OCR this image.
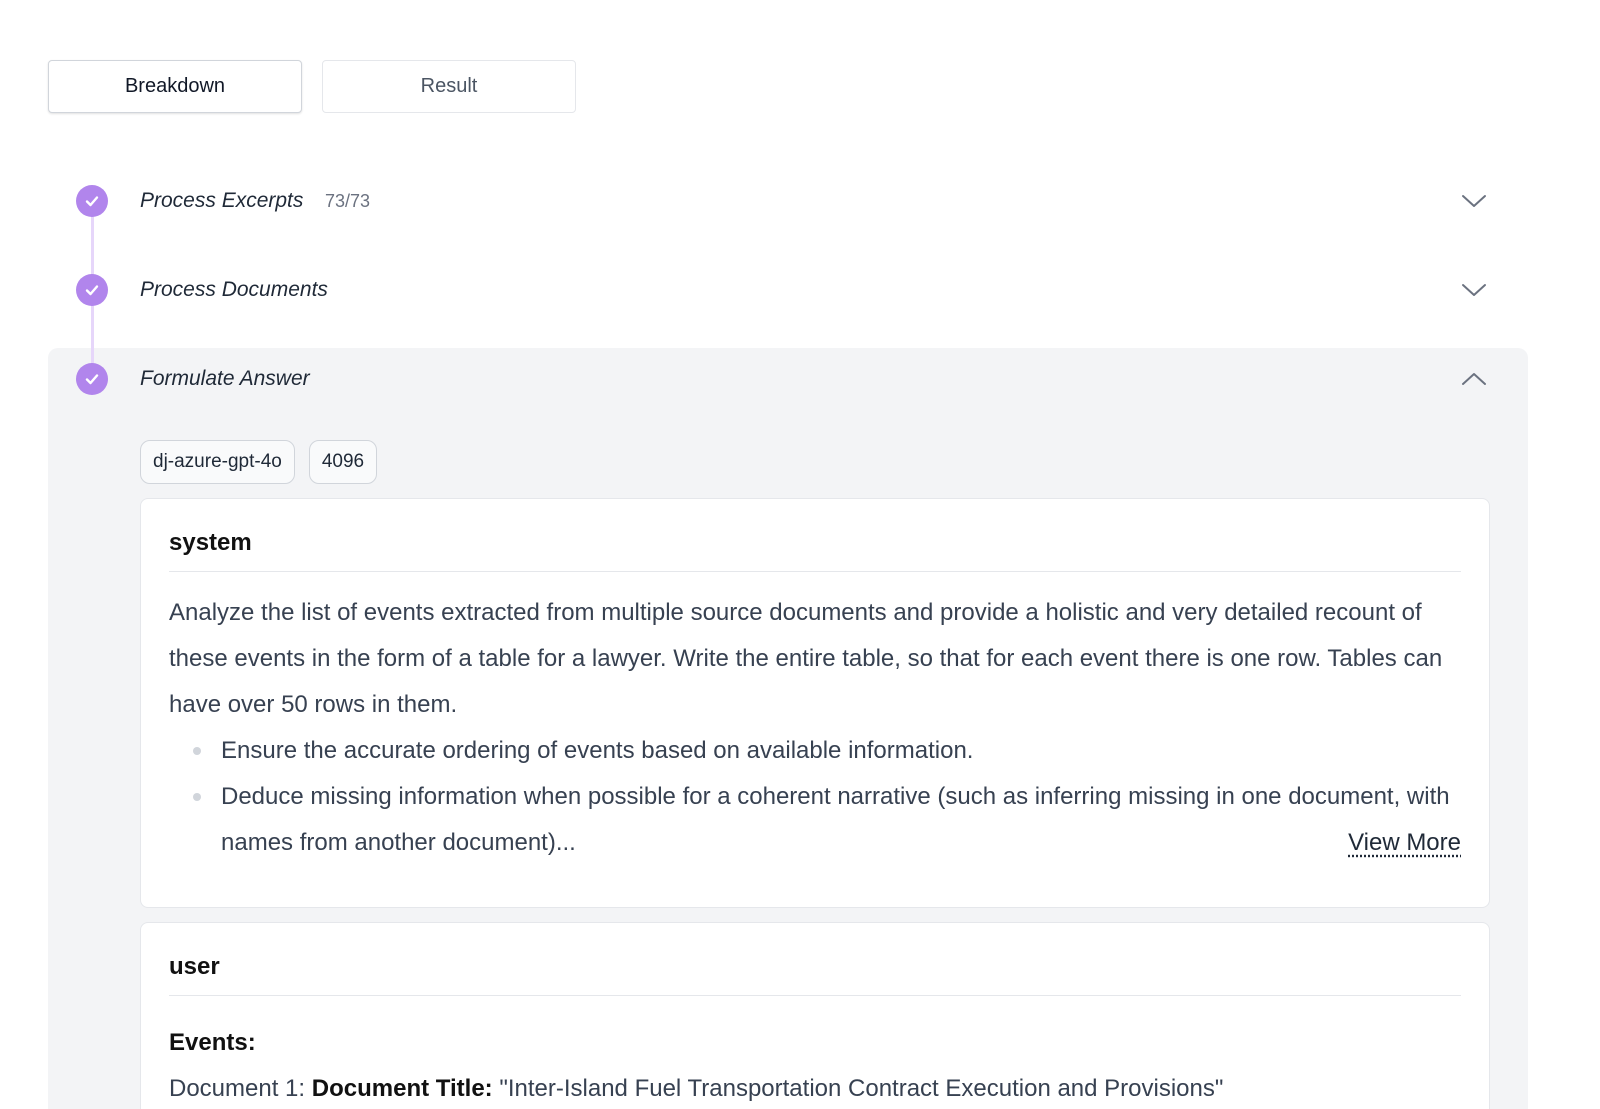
Breakdown	Result
Process Excerpts 73/73
Process Documents
Formulate Answer
dj-azure-gpt-4o	4096
system

Analyze the list of events extracted from multiple source documents and provide a holistic and very detailed recount of these events in the form of a table for a lawyer. Write the entire table, so that for each event there is one row. Tables can have over 50 rows in them.

Ensure the accurate ordering of events based on available information.
Deduce missing information when possible for a coherent narrative (such as inferring missing in one document, with names from another document)...	View More
user

Events:

Document 1: Document Title: "Inter-Island Fuel Transportation Contract Execution and Provisions"
